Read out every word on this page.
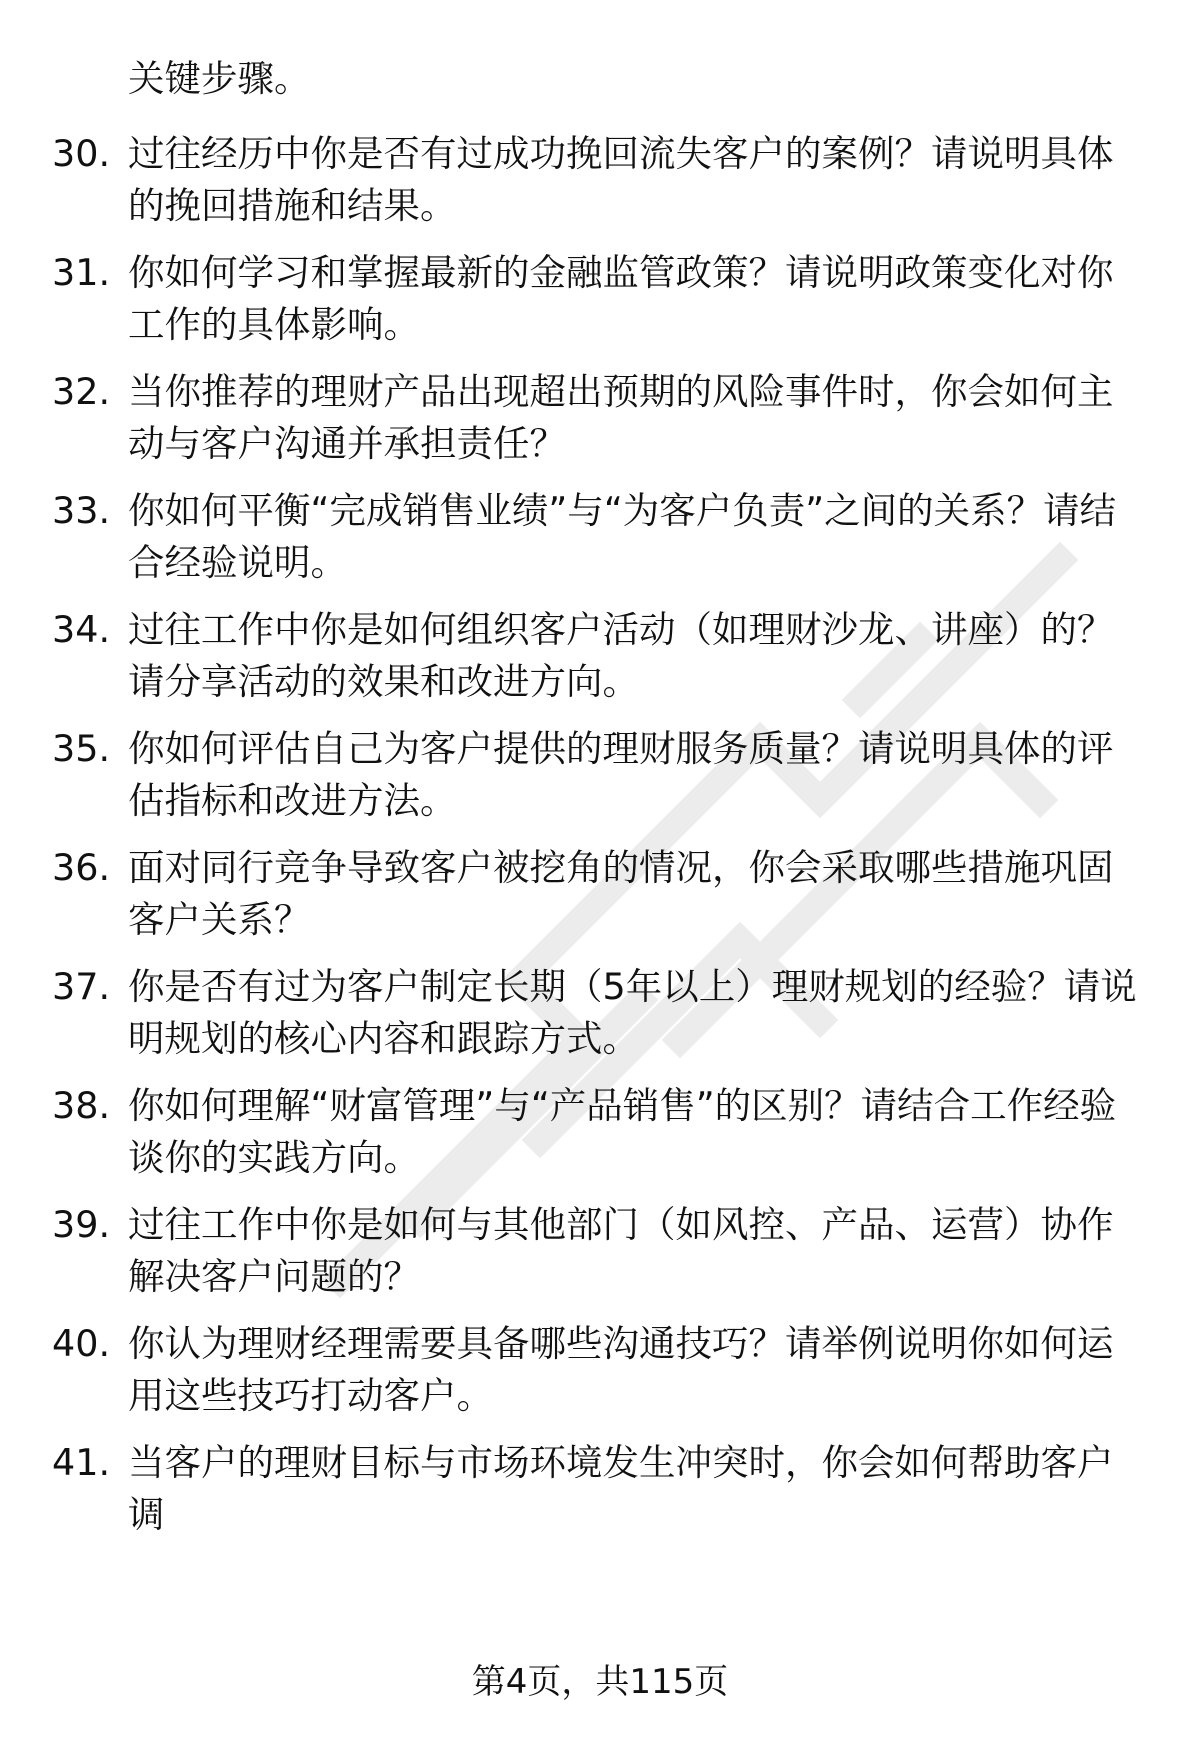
关键步骤。
30. 过往经历中你是否有过成功挽回流失客户的案例？请说明具体的挽回措施和结果。
31. 你如何学习和掌握最新的金融监管政策？请说明政策变化对你工作的具体影响。
32. 当你推荐的理财产品出现超出预期的风险事件时，你会如何主动与客户沟通并承担责任？
33. 你如何平衡“完成销售业绩”与“为客户负责”之间的关系？请结合经验说明。
34. 过往工作中你是如何组织客户活动（如理财沙龙、讲座）的？请分享活动的效果和改进方向。
35. 你如何评估自己为客户提供的理财服务质量？请说明具体的评估指标和改进方法。
36. 面对同行竞争导致客户被挖角的情况，你会采取哪些措施巩固客户关系？
37. 你是否有过为客户制定长期（5年以上）理财规划的经验？请说明规划的核心内容和跟踪方式。
38. 你如何理解“财富管理”与“产品销售”的区别？请结合工作经验谈你的实践方向。
39. 过往工作中你是如何与其他部门（如风控、产品、运营）协作解决客户问题的？
40. 你认为理财经理需要具备哪些沟通技巧？请举例说明你如何运用这些技巧打动客户。
41. 当客户的理财目标与市场环境发生冲突时，你会如何帮助客户调
第4页，共115页
